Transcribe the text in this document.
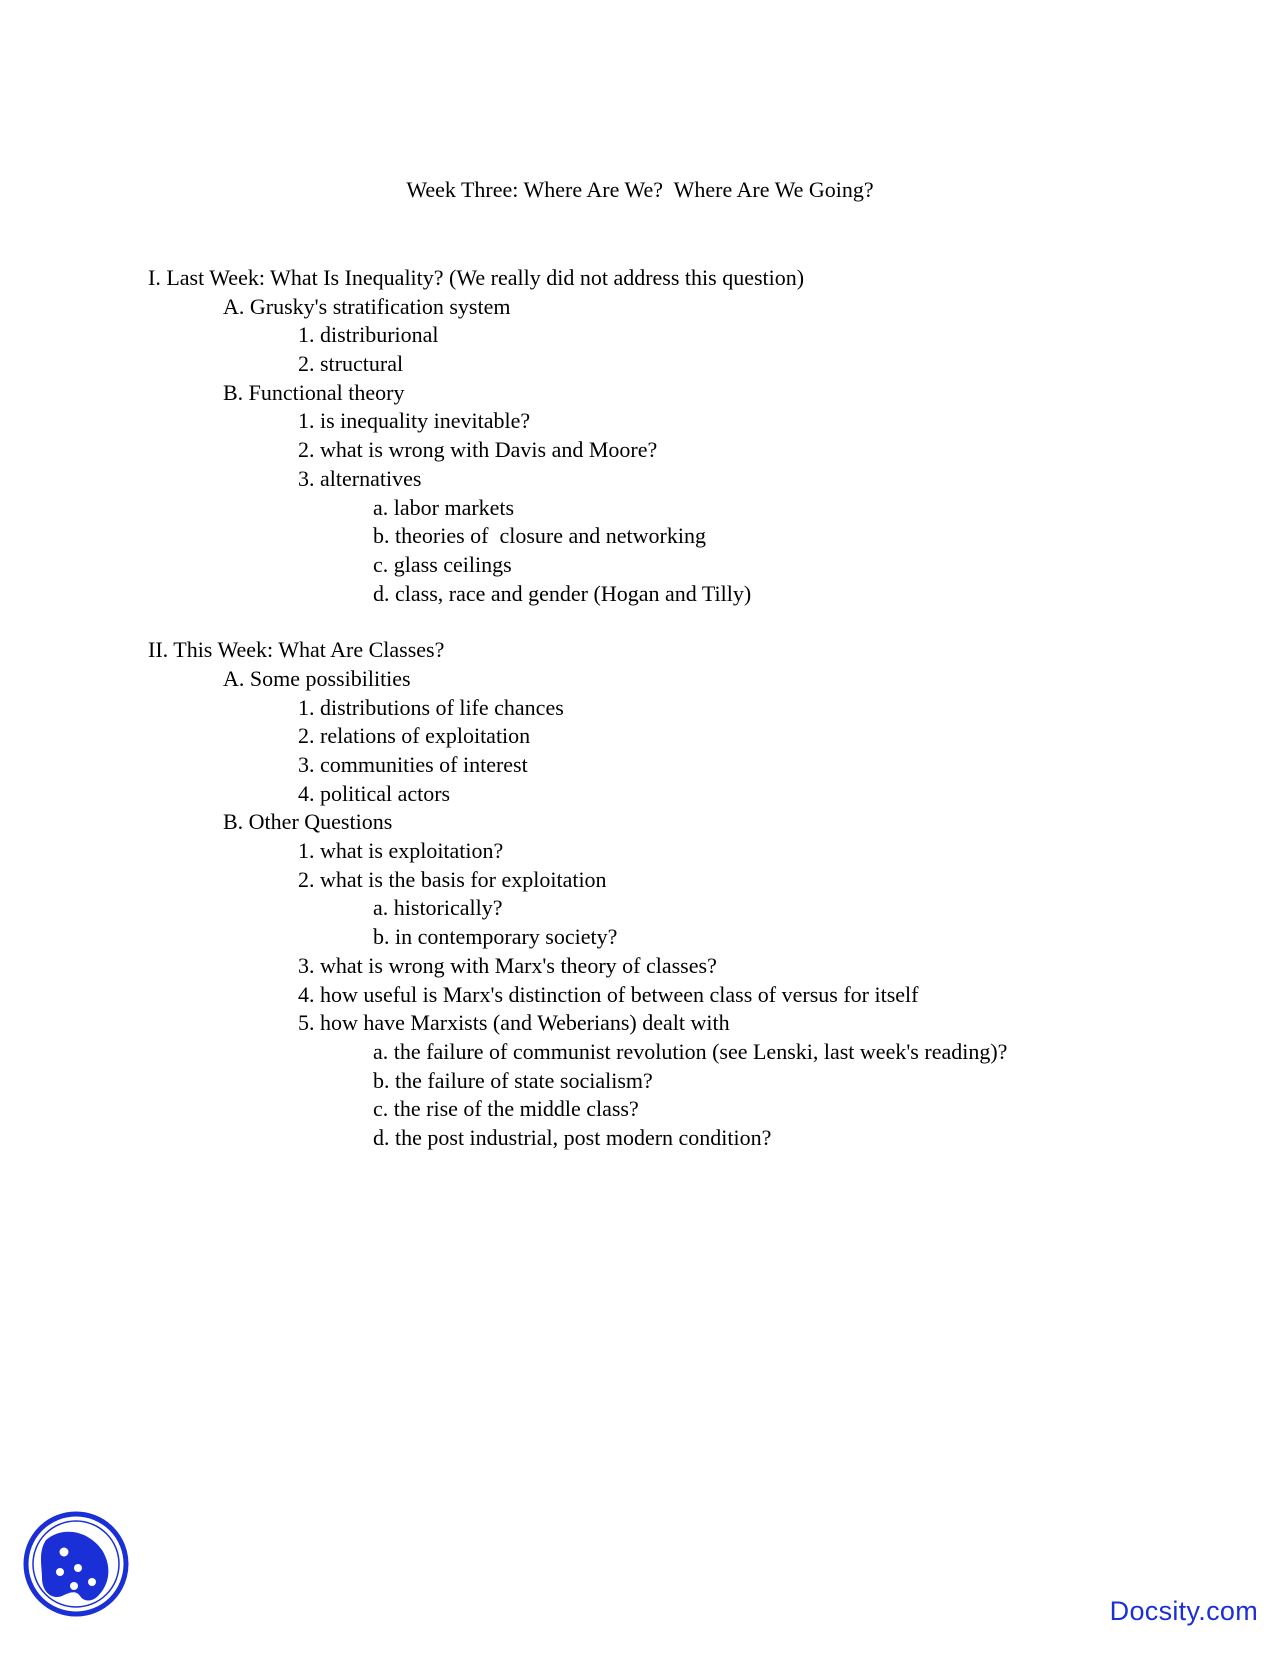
Week Three: Where Are We?  Where Are We Going?
I. Last Week: What Is Inequality? (We really did not address this question)
A. Grusky's stratification system
1. distriburional
2. structural
B. Functional theory
1. is inequality inevitable?
2. what is wrong with Davis and Moore?
3. alternatives
a. labor markets
b. theories of  closure and networking
c. glass ceilings
d. class, race and gender (Hogan and Tilly)
II. This Week: What Are Classes?
A. Some possibilities
1. distributions of life chances
2. relations of exploitation
3. communities of interest
4. political actors
B. Other Questions
1. what is exploitation?
2. what is the basis for exploitation
a. historically?
b. in contemporary society?
3. what is wrong with Marx's theory of classes?
4. how useful is Marx's distinction of between class of versus for itself
5. how have Marxists (and Weberians) dealt with
a. the failure of communist revolution (see Lenski, last week's reading)?
b. the failure of state socialism?
c. the rise of the middle class?
d. the post industrial, post modern condition?
Docsity.com
